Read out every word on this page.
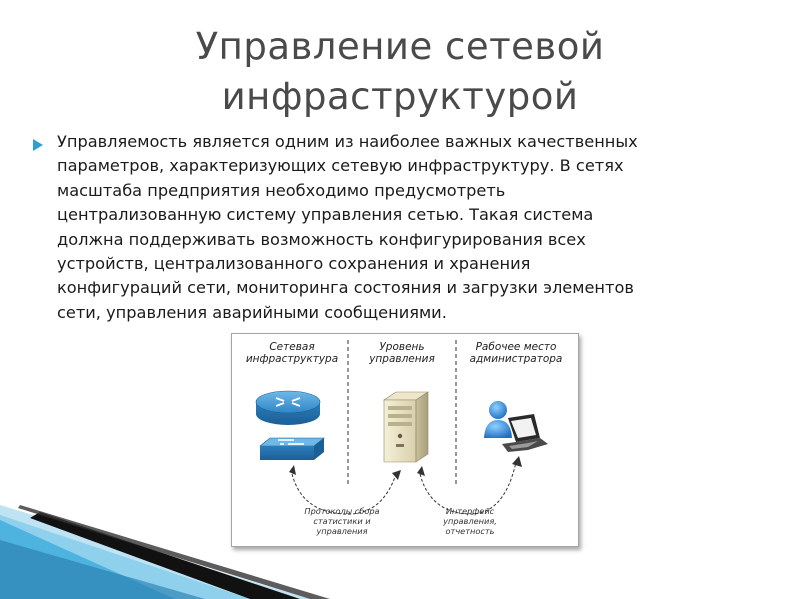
Управление сетевой
инфраструктурой
Управляемость является одним из наиболее важных качественных
параметров, характеризующих сетевую инфраструктуру. В сетях
масштаба предприятия необходимо предусмотреть
централизованную систему управления сетью. Такая система
должна поддерживать возможность конфигурирования всех
устройств, централизованного сохранения и хранения
конфигураций сети, мониторинга состояния и загрузки элементов
сети, управления аварийными сообщениями.
Сетевая
инфраструктура
Уровень
управления
Рабочее место
администратора
Протоколы сбора
статистики и
управления
Интерфейс
управления,
отчетность
